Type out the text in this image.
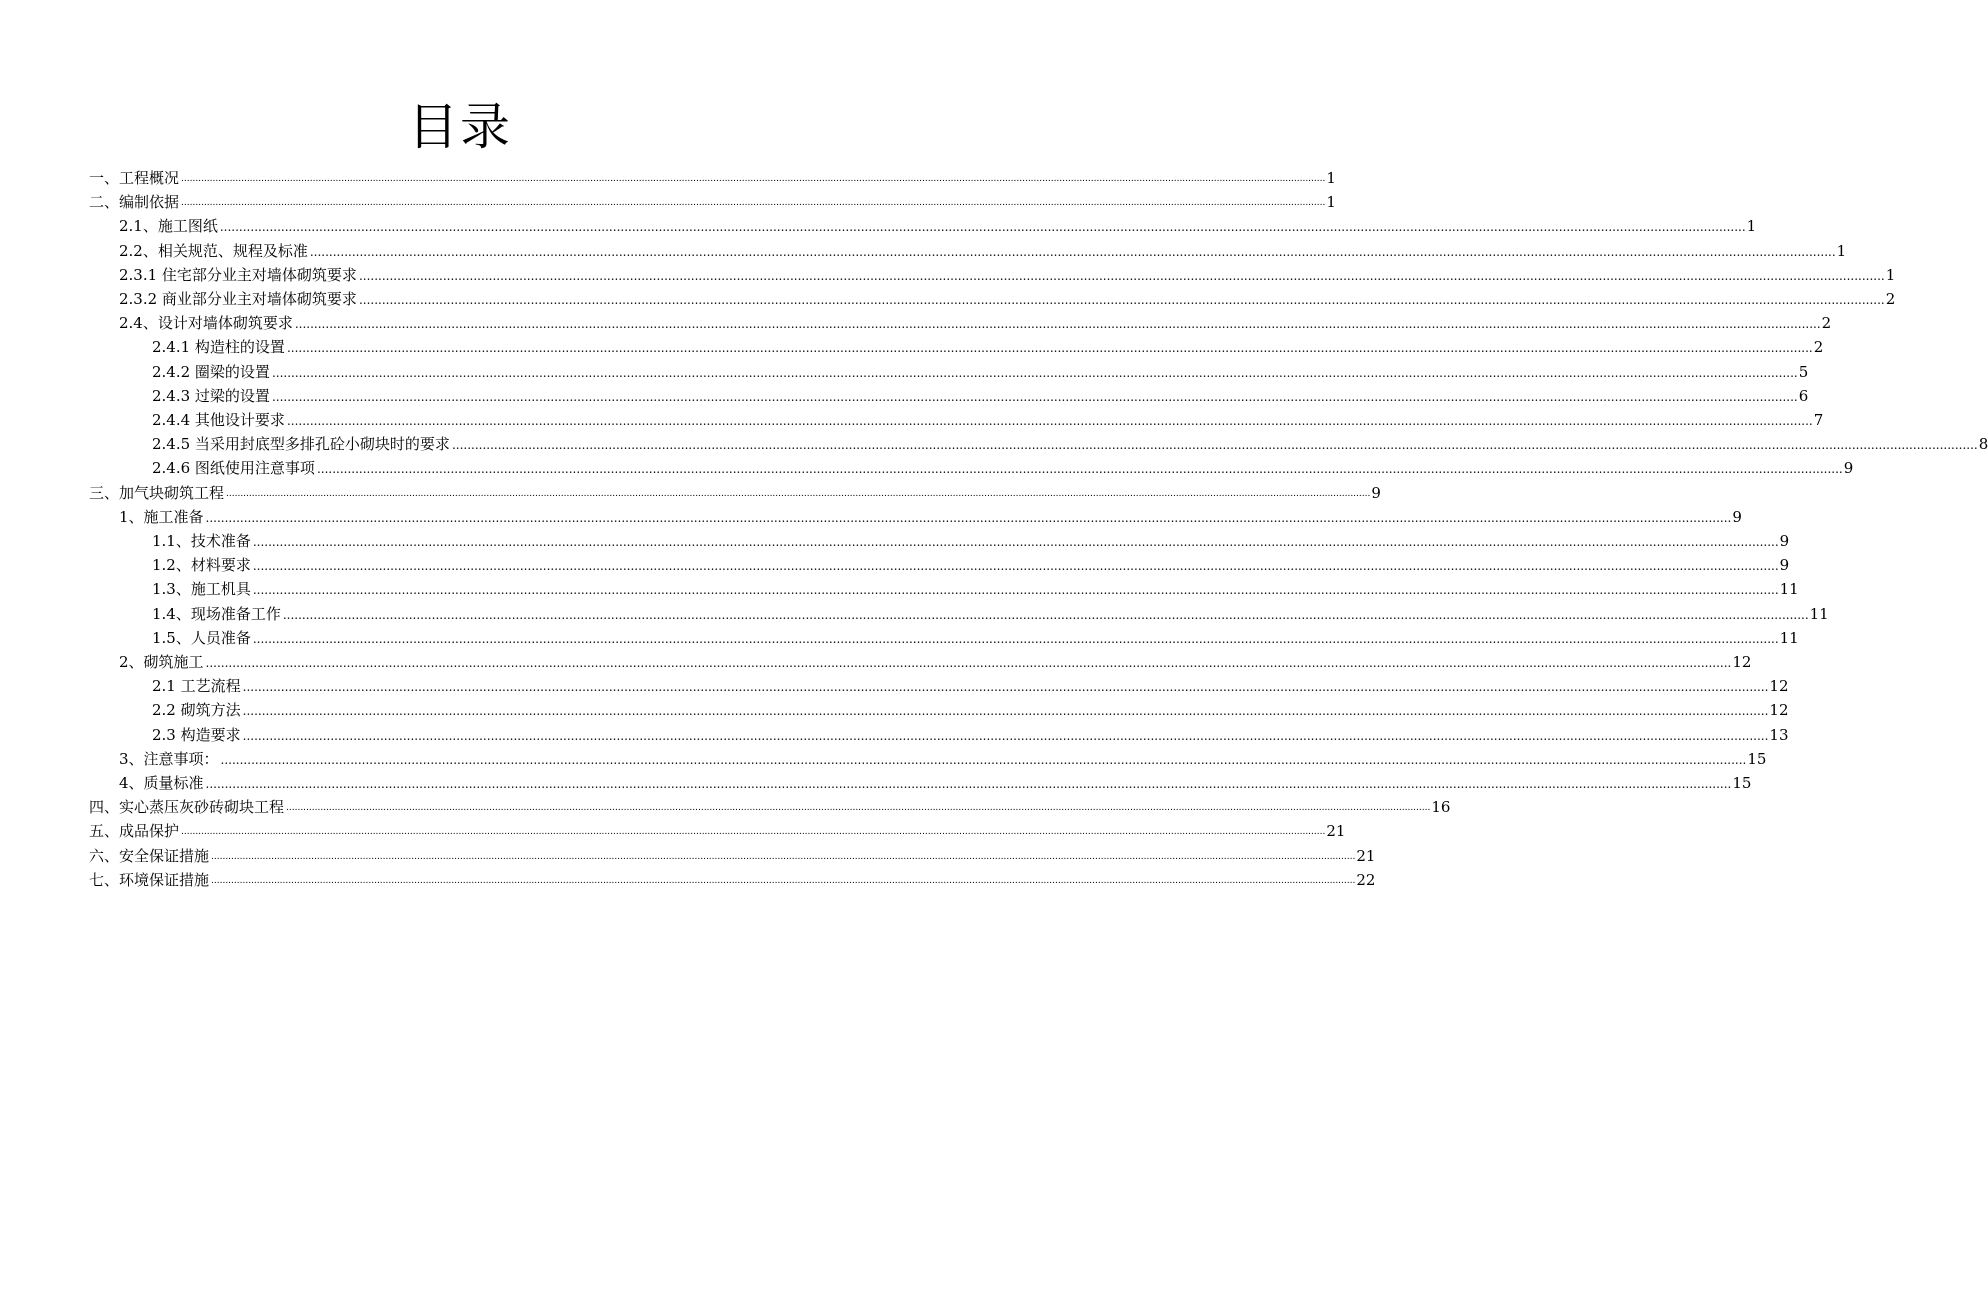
目录
一、工程概况 ................................................................................................................................................................................................................................................................................................................................................................................................................ 1
二、编制依据 ................................................................................................................................................................................................................................................................................................................................................................................................................ 1
2.1、施工图纸 ................................................................................................................................................................................................................................................................................................................................................................................................................ 1
2.2、相关规范、规程及标准 ................................................................................................................................................................................................................................................................................................................................................................................................................ 1
2.3.1 住宅部分业主对墙体砌筑要求 ................................................................................................................................................................................................................................................................................................................................................................................................................ 1
2.3.2 商业部分业主对墙体砌筑要求 ................................................................................................................................................................................................................................................................................................................................................................................................................ 2
2.4、设计对墙体砌筑要求 ................................................................................................................................................................................................................................................................................................................................................................................................................ 2
2.4.1 构造柱的设置 ................................................................................................................................................................................................................................................................................................................................................................................................................ 2
2.4.2 圈梁的设置 ................................................................................................................................................................................................................................................................................................................................................................................................................ 5
2.4.3 过梁的设置 ................................................................................................................................................................................................................................................................................................................................................................................................................ 6
2.4.4 其他设计要求 ................................................................................................................................................................................................................................................................................................................................................................................................................ 7
2.4.5 当采用封底型多排孔砼小砌块时的要求 ................................................................................................................................................................................................................................................................................................................................................................................................................ 8
2.4.6 图纸使用注意事项 ................................................................................................................................................................................................................................................................................................................................................................................................................ 9
三、加气块砌筑工程 ................................................................................................................................................................................................................................................................................................................................................................................................................ 9
1、施工准备 ................................................................................................................................................................................................................................................................................................................................................................................................................ 9
1.1、技术准备 ................................................................................................................................................................................................................................................................................................................................................................................................................ 9
1.2、材料要求 ................................................................................................................................................................................................................................................................................................................................................................................................................ 9
1.3、施工机具 ................................................................................................................................................................................................................................................................................................................................................................................................................ 11
1.4、现场准备工作 ................................................................................................................................................................................................................................................................................................................................................................................................................ 11
1.5、人员准备 ................................................................................................................................................................................................................................................................................................................................................................................................................ 11
2、砌筑施工 ................................................................................................................................................................................................................................................................................................................................................................................................................ 12
2.1 工艺流程 ................................................................................................................................................................................................................................................................................................................................................................................................................ 12
2.2 砌筑方法 ................................................................................................................................................................................................................................................................................................................................................................................................................ 12
2.3 构造要求 ................................................................................................................................................................................................................................................................................................................................................................................................................ 13
3、注意事项： ................................................................................................................................................................................................................................................................................................................................................................................................................ 15
4、质量标准 ................................................................................................................................................................................................................................................................................................................................................................................................................ 15
四、实心蒸压灰砂砖砌块工程 ................................................................................................................................................................................................................................................................................................................................................................................................................ 16
五、成品保护 ................................................................................................................................................................................................................................................................................................................................................................................................................ 21
六、安全保证措施 ................................................................................................................................................................................................................................................................................................................................................................................................................ 21
七、环境保证措施 ................................................................................................................................................................................................................................................................................................................................................................................................................ 22
